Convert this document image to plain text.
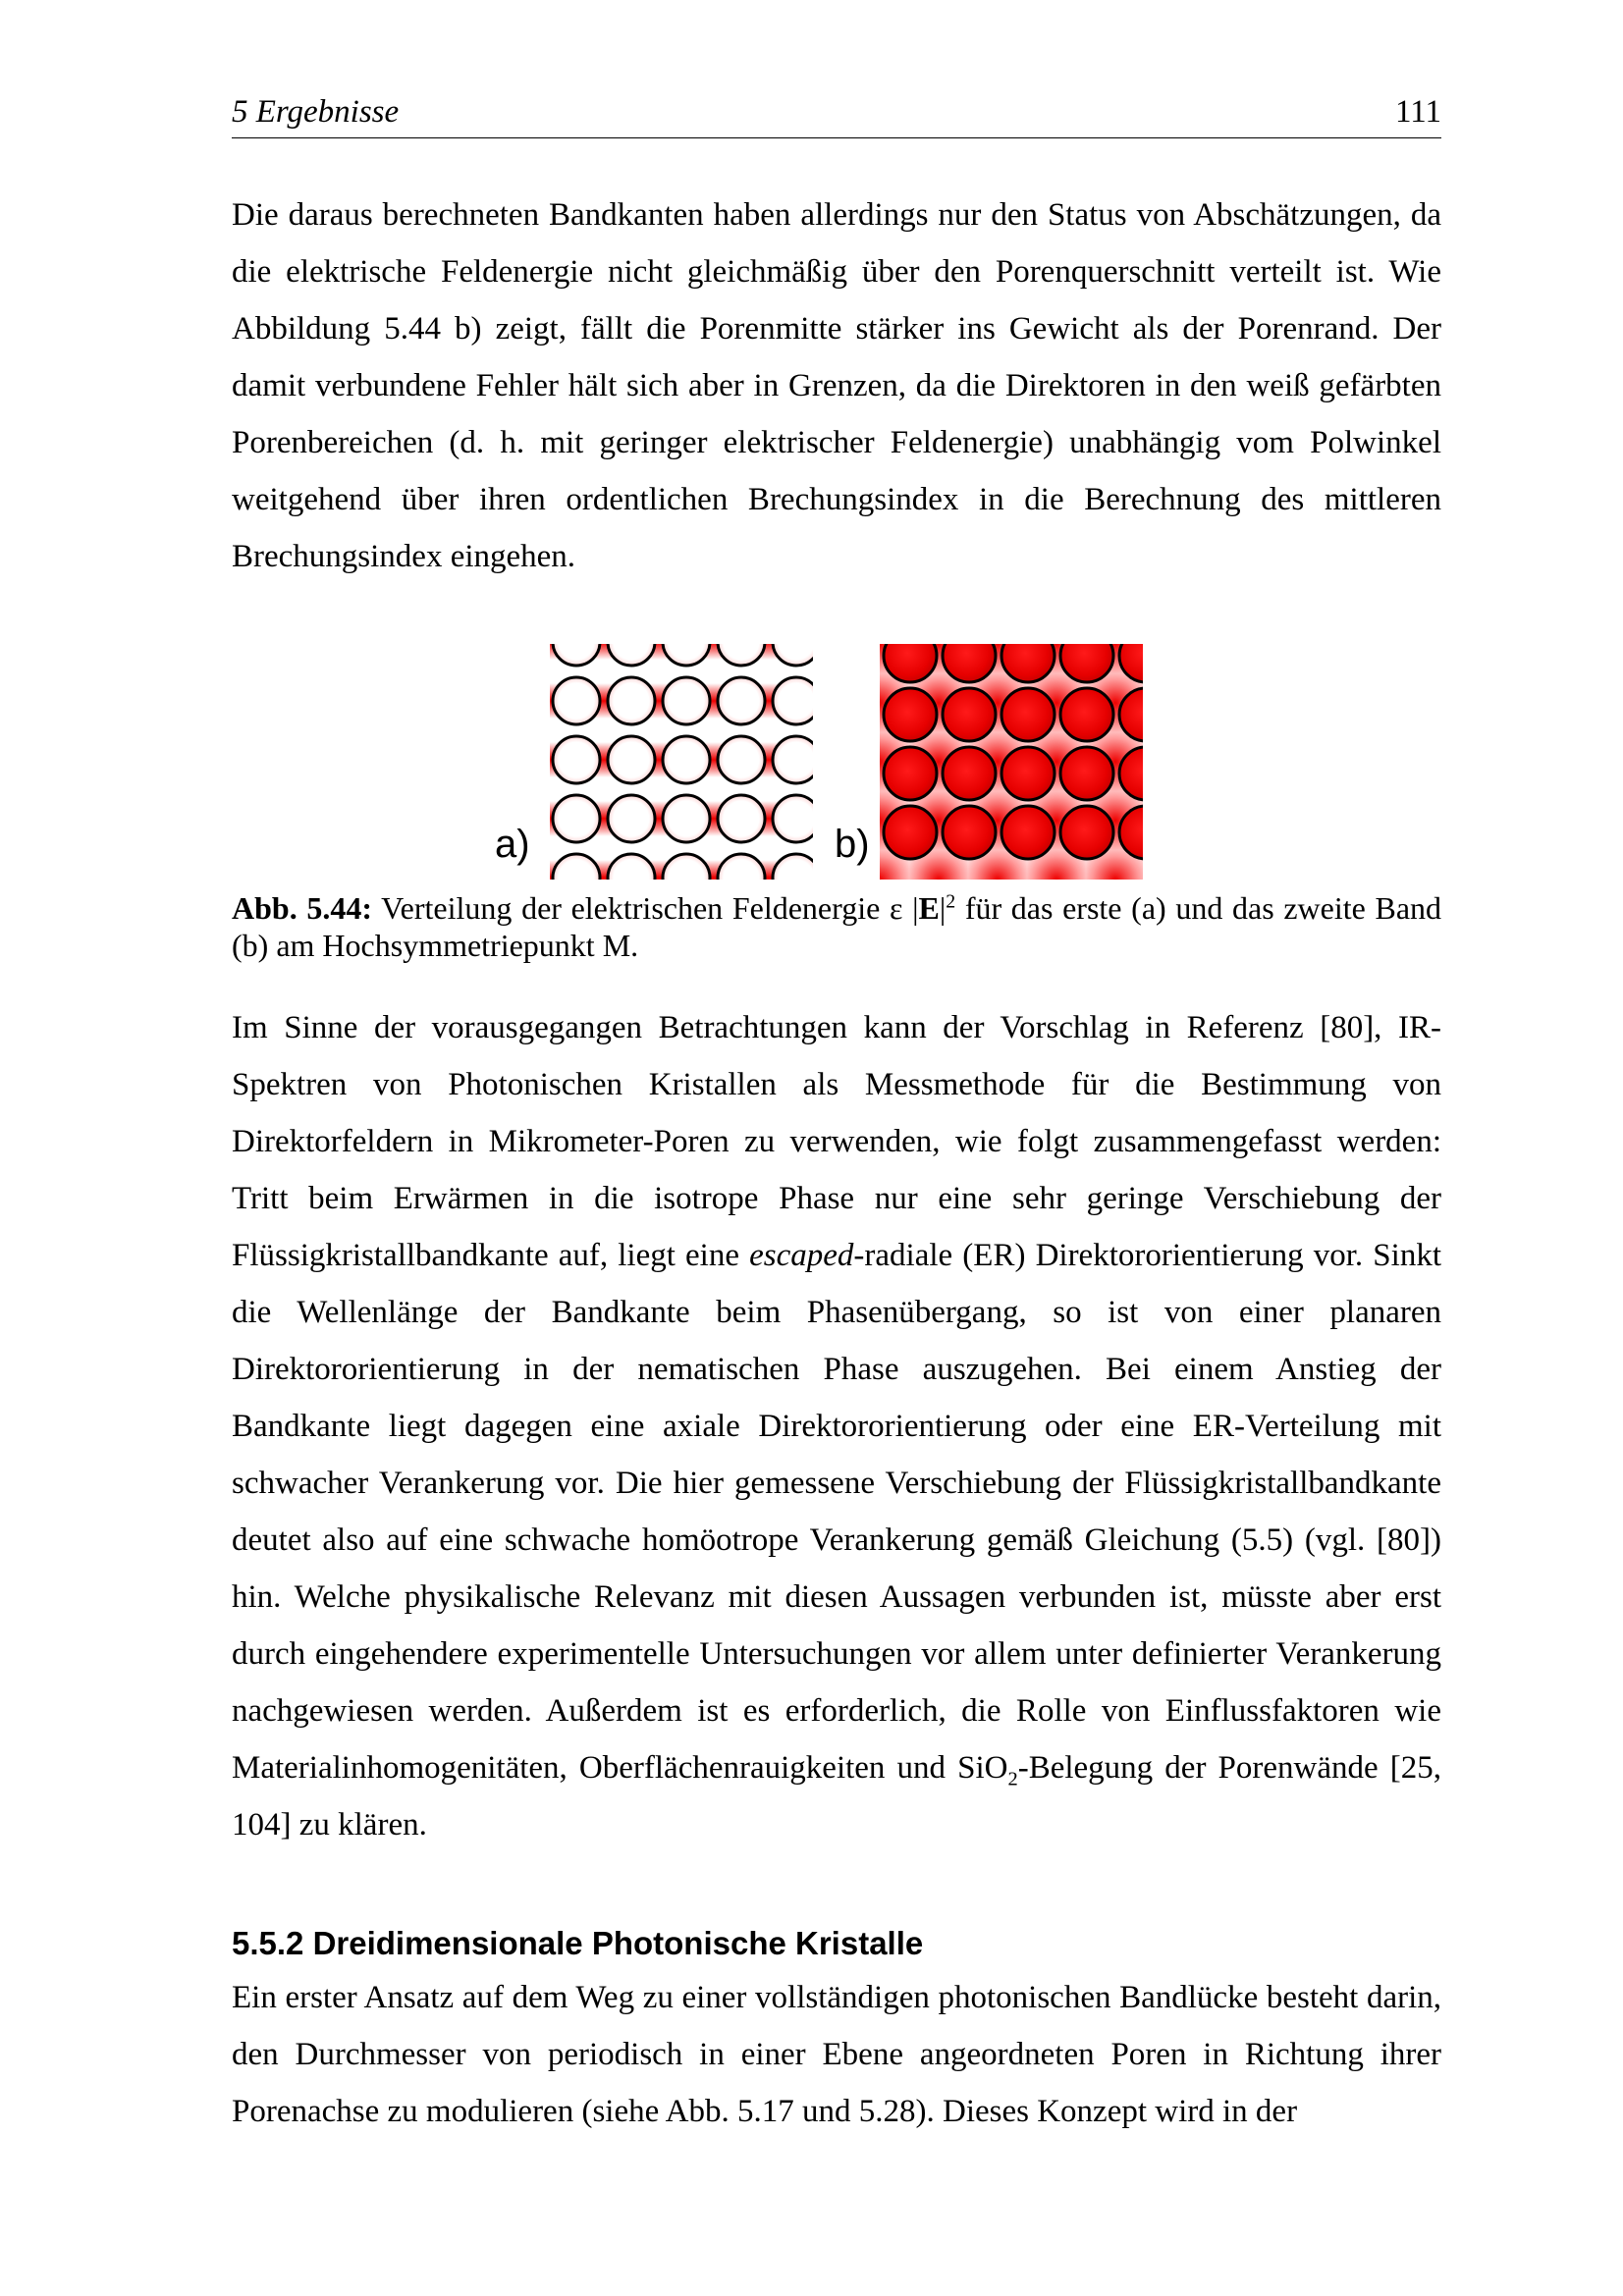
5 Ergebnisse	111

Die daraus berechneten Bandkanten haben allerdings nur den Status von Abschätzungen, da die elektrische Feldenergie nicht gleichmäßig über den Porenquerschnitt verteilt ist. Wie Abbildung 5.44 b) zeigt, fällt die Porenmitte stärker ins Gewicht als der Porenrand. Der damit verbundene Fehler hält sich aber in Grenzen, da die Direktoren in den weiß gefärbten Porenbereichen (d. h. mit geringer elektrischer Feldenergie) unabhängig vom Polwinkel weitgehend über ihren ordentlichen Brechungsindex in die Berechnung des mittleren Brechungsindex eingehen.

a)	b)

Abb. 5.44: Verteilung der elektrischen Feldenergie ε $|E|^2$ für das erste (a) und das zweite Band (b) am Hochsymmetriepunkt M.

Im Sinne der vorausgegangen Betrachtungen kann der Vorschlag in Referenz [80], IR-Spektren von Photonischen Kristallen als Messmethode für die Bestimmung von Direktorfeldern in Mikrometer-Poren zu verwenden, wie folgt zusammengefasst werden: Tritt beim Erwärmen in die isotrope Phase nur eine sehr geringe Verschiebung der Flüssigkristallbandkante auf, liegt eine escaped-radiale (ER) Direktororientierung vor. Sinkt die Wellenlänge der Bandkante beim Phasenübergang, so ist von einer planaren Direktororientierung in der nematischen Phase auszugehen. Bei einem Anstieg der Bandkante liegt dagegen eine axiale Direktororientierung oder eine ER-Verteilung mit schwacher Verankerung vor. Die hier gemessene Verschiebung der Flüssigkristallbandkante deutet also auf eine schwache homöotrope Verankerung gemäß Gleichung (5.5) (vgl. [80]) hin. Welche physikalische Relevanz mit diesen Aussagen verbunden ist, müsste aber erst durch eingehendere experimentelle Untersuchungen vor allem unter definierter Verankerung nachgewiesen werden. Außerdem ist es erforderlich, die Rolle von Einflussfaktoren wie Materialinhomogenitäten, Oberflächenrauigkeiten und SiO$_2$-Belegung der Porenwände [25, 104] zu klären.

5.5.2 Dreidimensionale Photonische Kristalle

Ein erster Ansatz auf dem Weg zu einer vollständigen photonischen Bandlücke besteht darin, den Durchmesser von periodisch in einer Ebene angeordneten Poren in Richtung ihrer Porenachse zu modulieren (siehe Abb. 5.17 und 5.28). Dieses Konzept wird in der
